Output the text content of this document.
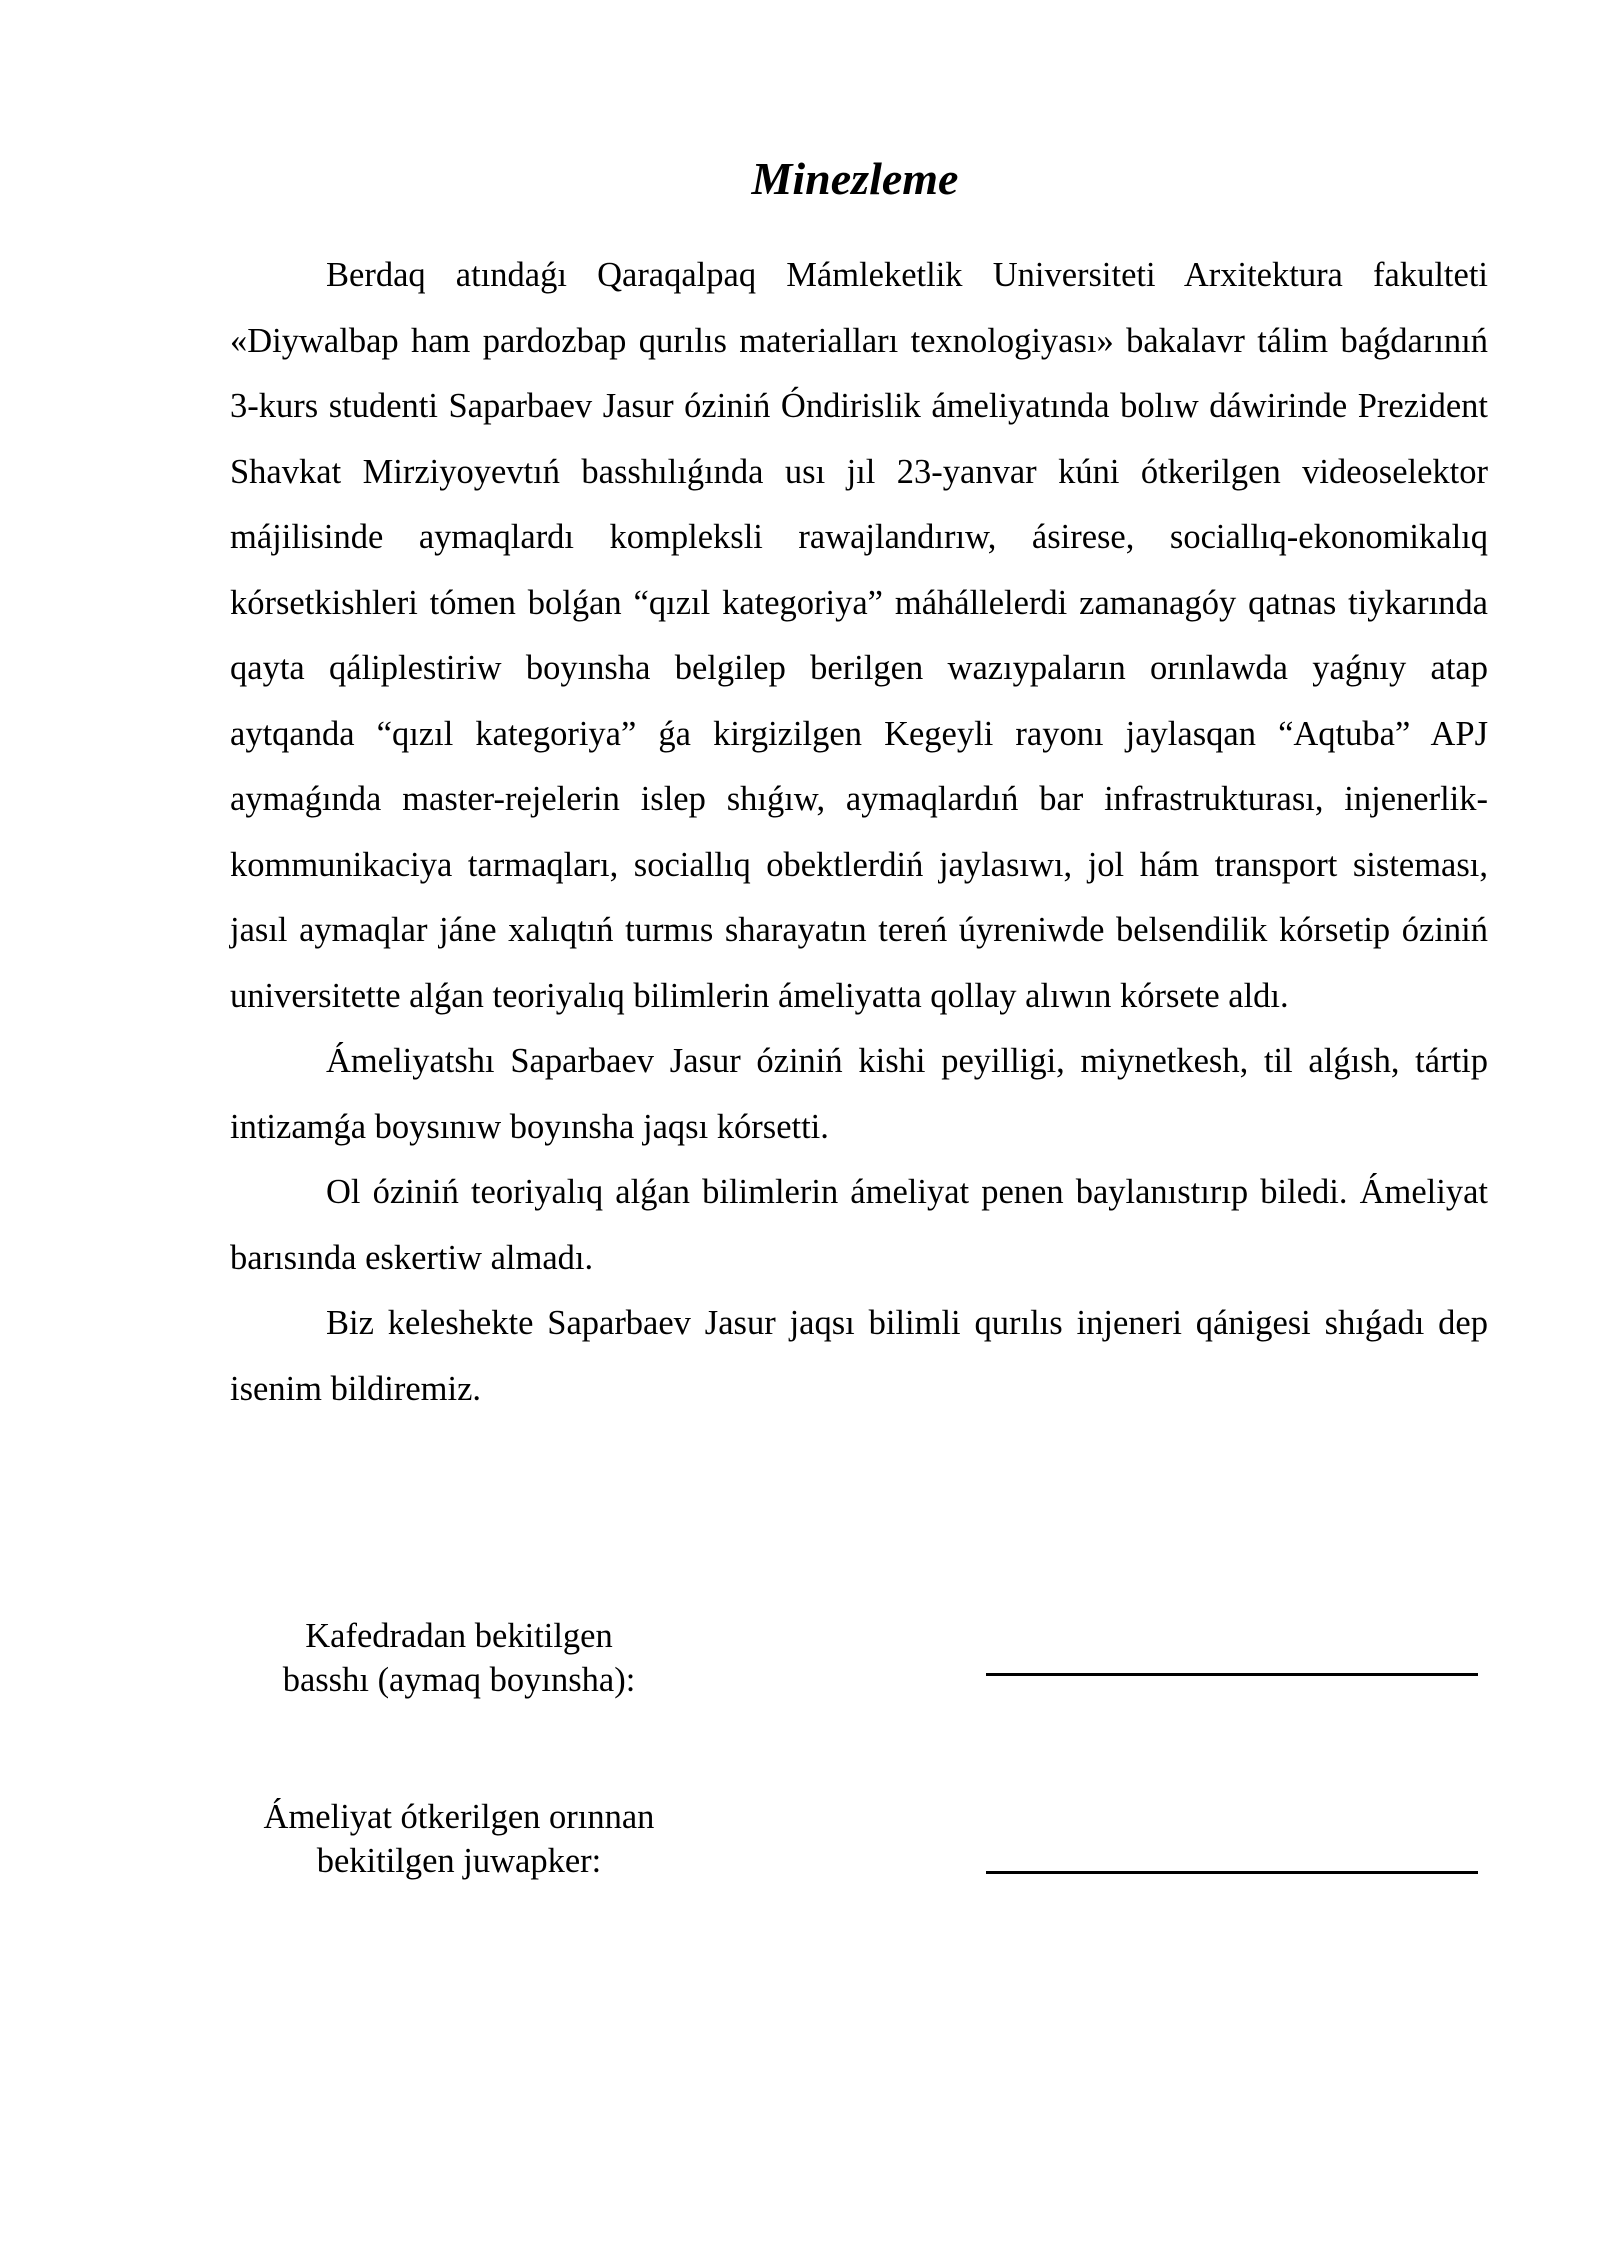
Minezleme

Berdaq atındaǵı Qaraqalpaq Mámleketlik Universiteti Arxitektura fakulteti «Diywalbap ham pardozbap qurılıs materialları texnologiyası» bakalavr tálim baǵdarınıń 3-kurs studenti Saparbaev Jasur óziniń Óndirislik ámeliyatında bolıw dáwirinde Prezident Shavkat Mirziyoyevtıń basshılıǵında usı jıl 23-yanvar kúni ótkerilgen videoselektor májilisinde aymaqlardı kompleksli rawajlandırıw, ásirese, sociallıq-ekonomikalıq kórsetkishleri tómen bolǵan “qızıl kategoriya” máhállelerdi zamanagóy qatnas tiykarında qayta qáliplestiriw boyınsha belgilep berilgen wazıypaların orınlawda yaǵnıy atap aytqanda “qızıl kategoriya” ǵa kirgizilgen Kegeyli rayonı jaylasqan “Aqtuba” APJ aymaǵında master-rejelerin islep shıǵıw, aymaqlardıń bar infrastrukturası, injenerlik-kommunikaciya tarmaqları, sociallıq obektlerdiń jaylasıwı, jol hám transport sisteması, jasıl aymaqlar jáne xalıqtıń turmıs sharayatın tereń úyreniwde belsendilik kórsetip óziniń universitette alǵan teoriyalıq bilimlerin ámeliyatta qollay alıwın kórsete aldı.

Ámeliyatshı Saparbaev Jasur óziniń kishi peyilligi, miynetkesh, til alǵısh, tártip intizamǵa boysınıw boyınsha jaqsı kórsetti.

Ol óziniń teoriyalıq alǵan bilimlerin ámeliyat penen baylanıstırıp biledi. Ámeliyat barısında eskertiw almadı.

Biz keleshekte Saparbaev Jasur jaqsı bilimli qurılıs injeneri qánigesi shıǵadı dep isenim bildiremiz.

Kafedradan bekitilgen
basshı (aymaq boyınsha):
Ámeliyat ótkerilgen orınnan
bekitilgen juwapker:
